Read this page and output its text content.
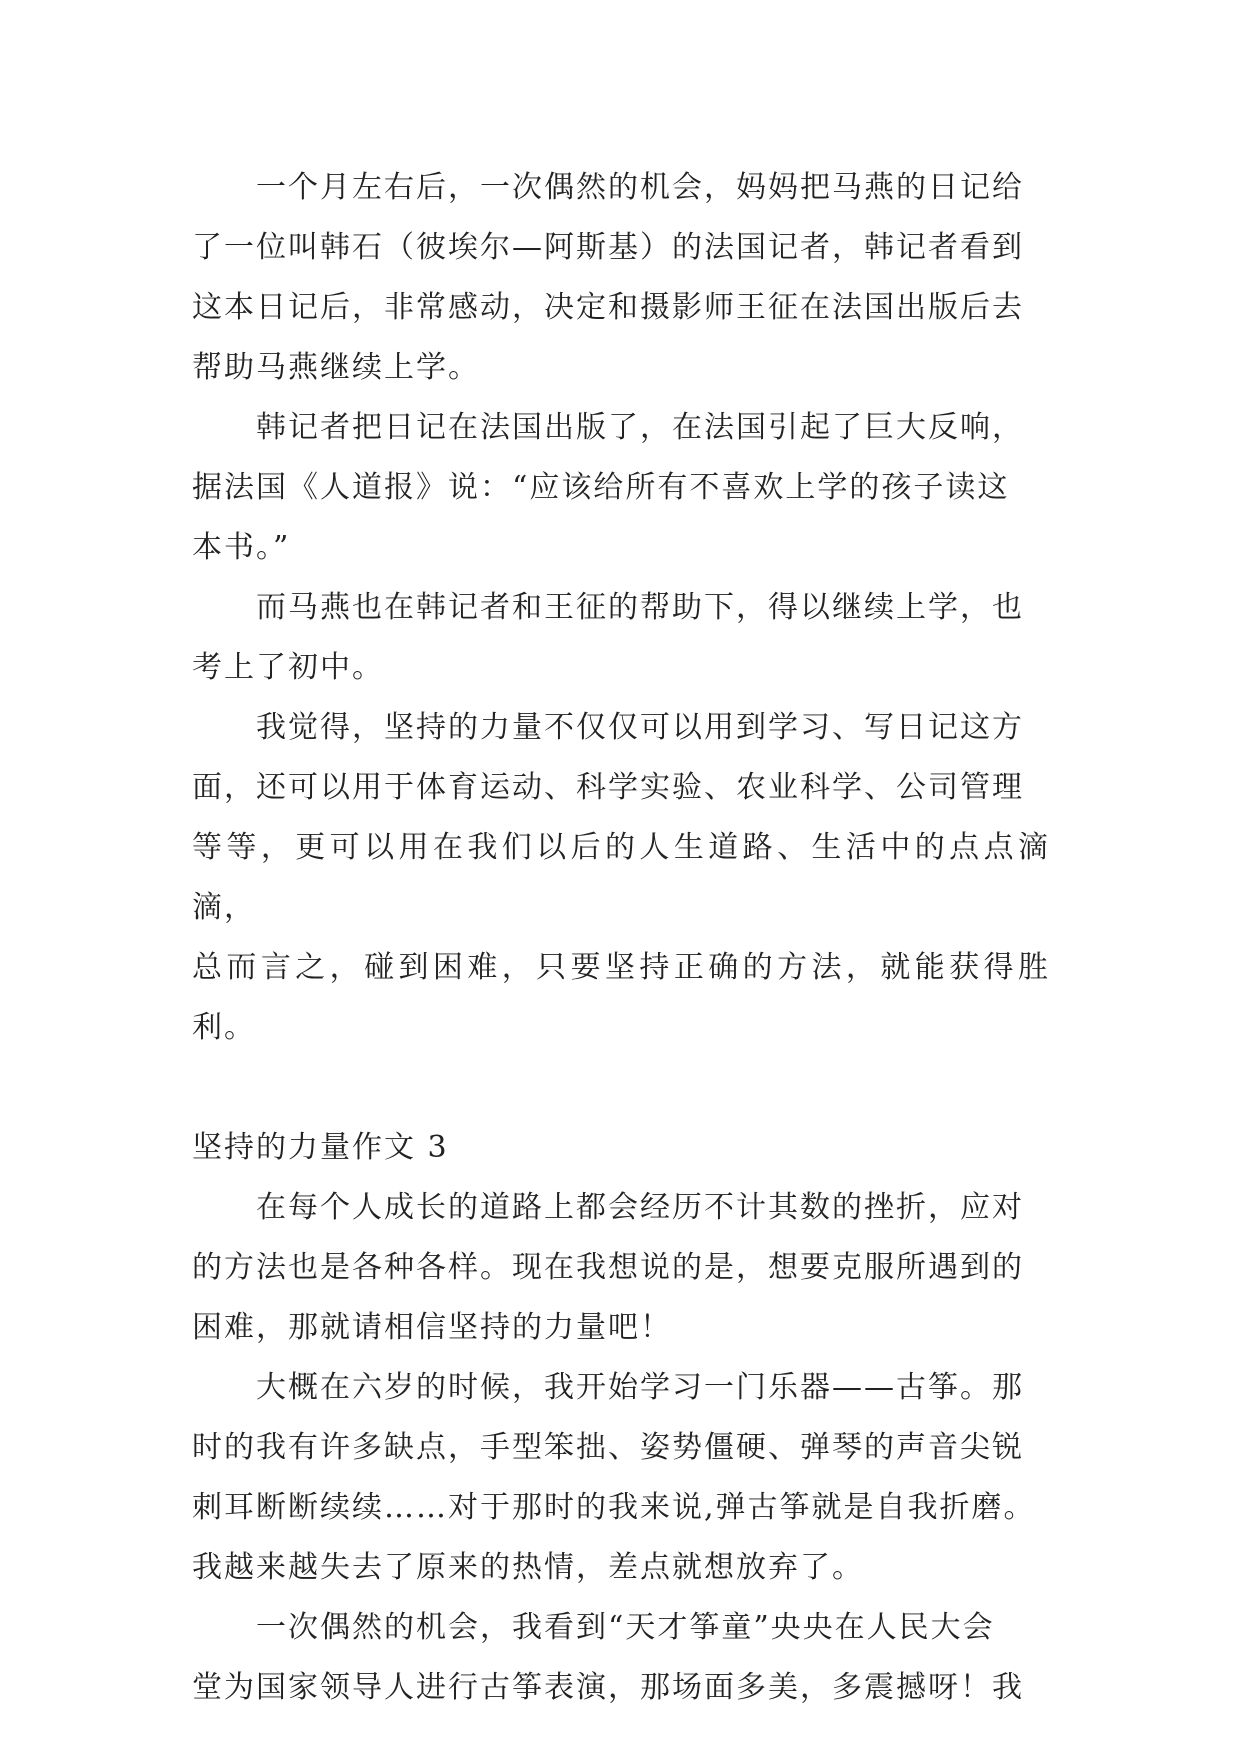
一个月左右后，一次偶然的机会，妈妈把马燕的日记给
了一位叫韩石（彼埃尔—阿斯基）的法国记者，韩记者看到
这本日记后，非常感动，决定和摄影师王征在法国出版后去
帮助马燕继续上学。

韩记者把日记在法国出版了，在法国引起了巨大反响，
据法国《人道报》说：“应该给所有不喜欢上学的孩子读这
本书。”

而马燕也在韩记者和王征的帮助下，得以继续上学，也
考上了初中。

我觉得，坚持的力量不仅仅可以用到学习、写日记这方
面，还可以用于体育运动、科学实验、农业科学、公司管理
等等，更可以用在我们以后的人生道路、生活中的点点滴滴，
总而言之，碰到困难，只要坚持正确的方法，就能获得胜利。

坚持的力量作文 3

在每个人成长的道路上都会经历不计其数的挫折，应对
的方法也是各种各样。现在我想说的是，想要克服所遇到的
困难，那就请相信坚持的力量吧！

大概在六岁的时候，我开始学习一门乐器——古筝。那
时的我有许多缺点，手型笨拙、姿势僵硬、弹琴的声音尖锐
刺耳断断续续……对于那时的我来说,弹古筝就是自我折磨。
我越来越失去了原来的热情，差点就想放弃了。

一次偶然的机会，我看到“天才筝童”央央在人民大会
堂为国家领导人进行古筝表演，那场面多美，多震撼呀！我
